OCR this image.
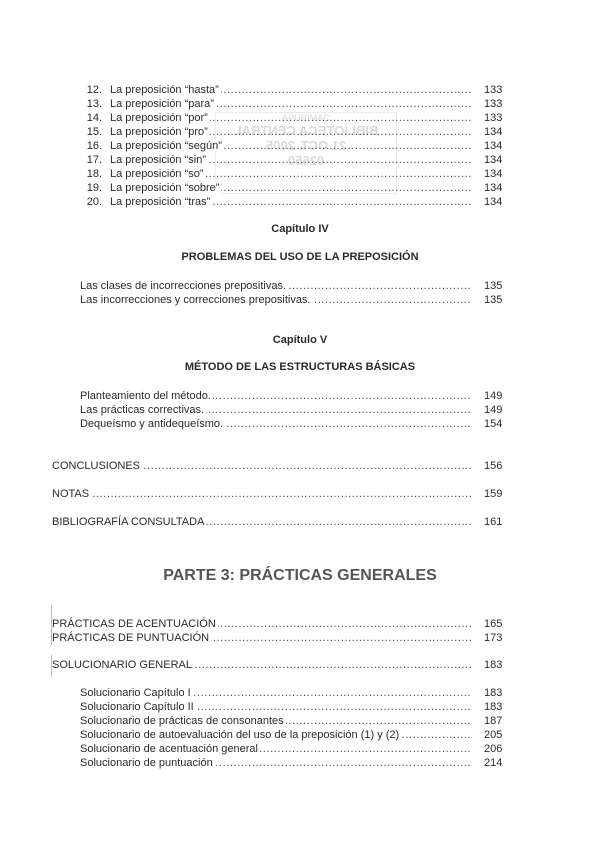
APURIMAC
BIBLIOTECA CENTRAL
21 OCT. 2005
02650
12. La preposición “hasta” .....	133
13. La preposición “para” .....	133
14. La preposición “por” .....	133
15. La preposición “pro” .....	134
16. La preposición “según” .....	134
17. La preposición “sin” .....	134
18. La preposición “so” .....	134
19. La preposición “sobre” .....	134
20. La preposición “tras” .....	134
Las clases de incorrecciones prepositivas. .....	135
Las incorrecciones y correcciones prepositivas. .....	135
Planteamiento del método. .....	149
Las prácticas correctivas. .....	149
Dequeísmo y antidequeísmo. .....	154
CONCLUSIONES .....	156
NOTAS .....	159
BIBLIOGRAFÍA CONSULTADA .....	161
PRÁCTICAS DE ACENTUACIÓN .....	165
PRÁCTICAS DE PUNTUACIÓN .....	173
SOLUCIONARIO GENERAL .....	183
Solucionario Capítulo I .....	183
Solucionario Capítulo II .....	183
Solucionario de prácticas de consonantes .....	187
Solucionario de autoevaluación del uso de la preposición (1) y (2) .....	205
Solucionario de acentuación general .....	206
Solucionario de puntuación .....	214
Capítulo IV
PROBLEMAS DEL USO DE LA PREPOSICIÓN
Capítulo V
MÉTODO DE LAS ESTRUCTURAS BÁSICAS
PARTE 3: PRÁCTICAS GENERALES
